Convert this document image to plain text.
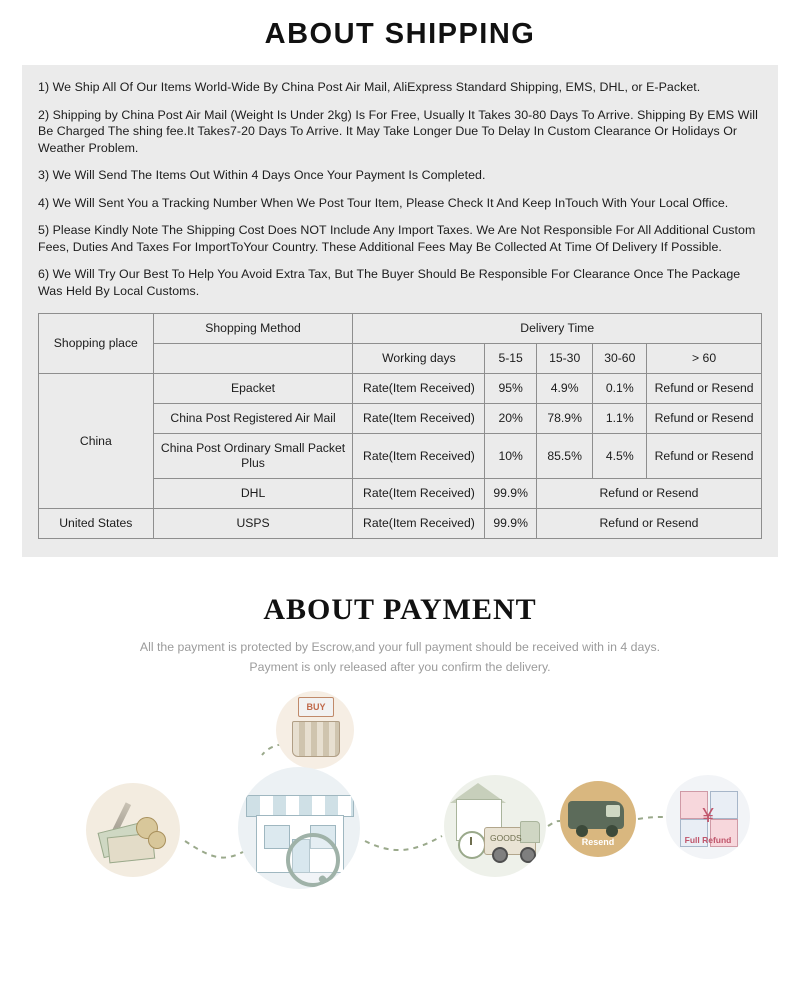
ABOUT SHIPPING

1) We Ship All Of Our Items World-Wide By China Post Air Mail, AliExpress Standard Shipping, EMS, DHL, or E-Packet.

2) Shipping by China Post Air Mail (Weight Is Under 2kg) Is For Free, Usually It Takes 30-80 Days To Arrive. Shipping By EMS Will Be Charged The shing fee.It Takes7-20 Days To Arrive. It May Take Longer Due To Delay In Custom Clearance Or Holidays Or Weather Problem.

3) We Will Send The Items Out Within 4 Days Once Your Payment Is Completed.

4) We Will Sent You a Tracking Number When We Post Tour Item, Please Check It And Keep InTouch With Your Local Office.

5) Please Kindly Note The Shipping Cost Does NOT Include Any Import Taxes. We Are Not Responsible For All Additional Custom Fees, Duties And Taxes For ImportToYour Country. These Additional Fees May Be Collected At Time Of Delivery If Possible.

6) We Will Try Our Best To Help You Avoid Extra Tax, But The Buyer Should Be Responsible For Clearance Once The Package Was Held By Local Customs.

Shopping place	Shopping Method	Delivery Time				
		Working days	5-15	15-30	30-60	> 60
China	Epacket	Rate(Item Received)	95%	4.9%	0.1%	Refund or Resend
	China Post Registered Air Mail	Rate(Item Received)	20%	78.9%	1.1%	Refund or Resend
	China Post Ordinary Small Packet Plus	Rate(Item Received)	10%	85.5%	4.5%	Refund or Resend
	DHL	Rate(Item Received)	99.9%	Refund or Resend		
United States	USPS	Rate(Item Received)	99.9%	Refund or Resend		
ABOUT PAYMENT

All the payment is protected by Escrow,and your full payment should be received with in 4 days.

Payment is only released after you confirm the delivery.

BUY
GOODS	Resend
¥
Full Refund
